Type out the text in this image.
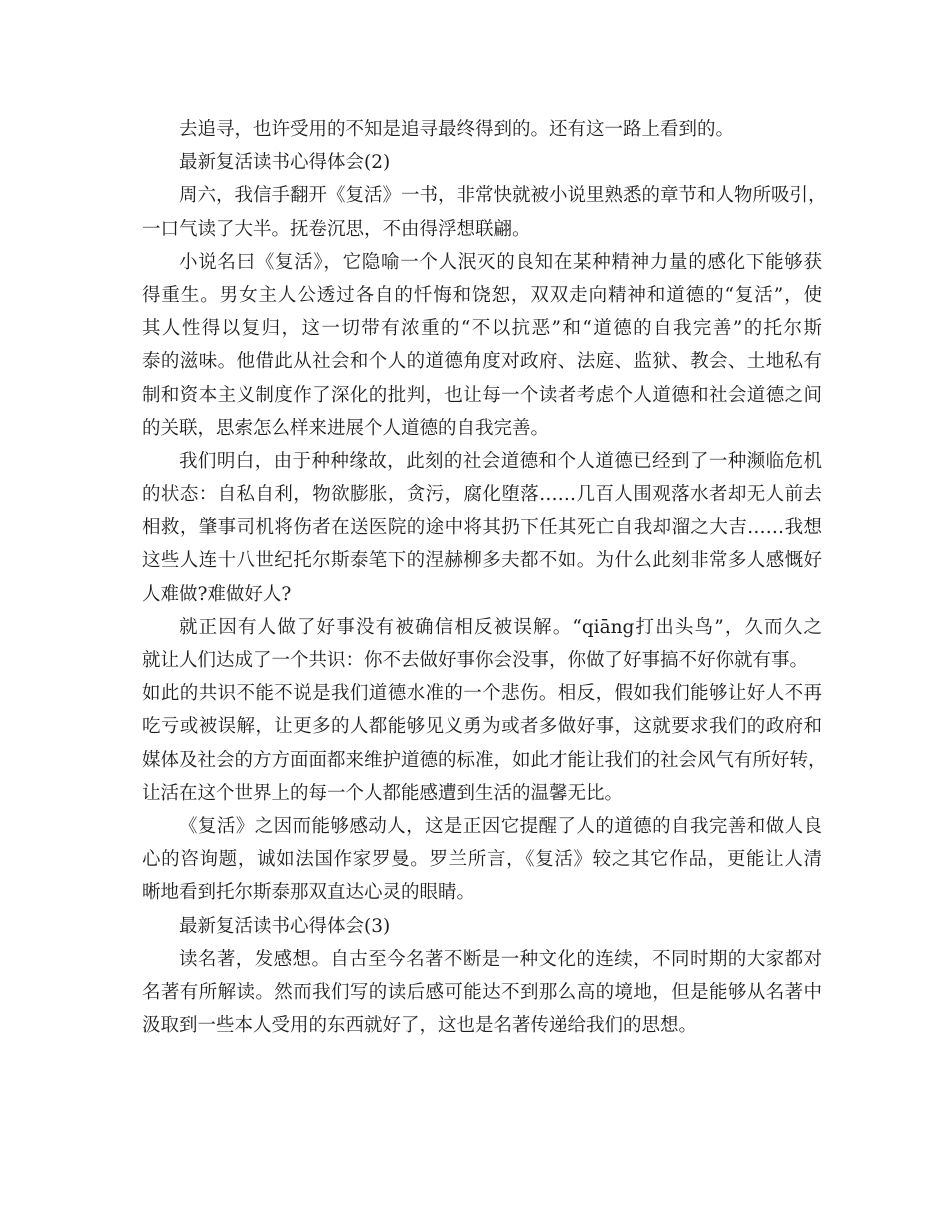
去追寻，也许受用的不知是追寻最终得到的。还有这一路上看到的。
最新复活读书心得体会(2)
周六，我信手翻开《复活》一书，非常快就被小说里熟悉的章节和人物所吸引，
一口气读了大半。抚卷沉思，不由得浮想联翩。
小说名曰《复活》，它隐喻一个人泯灭的良知在某种精神力量的感化下能够获
得重生。男女主人公透过各自的忏悔和饶恕，双双走向精神和道德的“复活”，使
其人性得以复归，这一切带有浓重的“不以抗恶”和“道德的自我完善”的托尔斯
泰的滋味。他借此从社会和个人的道德角度对政府、法庭、监狱、教会、土地私有
制和资本主义制度作了深化的批判，也让每一个读者考虑个人道德和社会道德之间
的关联，思索怎么样来进展个人道德的自我完善。
我们明白，由于种种缘故，此刻的社会道德和个人道德已经到了一种濒临危机
的状态：自私自利，物欲膨胀，贪污，腐化堕落……几百人围观落水者却无人前去
相救，肇事司机将伤者在送医院的途中将其扔下任其死亡自我却溜之大吉……我想
这些人连十八世纪托尔斯泰笔下的涅赫柳多夫都不如。为什么此刻非常多人感慨好
人难做?难做好人?
就正因有人做了好事没有被确信相反被误解。“qiāng打出头鸟”，久而久之
就让人们达成了一个共识：你不去做好事你会没事，你做了好事搞不好你就有事。
如此的共识不能不说是我们道德水准的一个悲伤。相反，假如我们能够让好人不再
吃亏或被误解，让更多的人都能够见义勇为或者多做好事，这就要求我们的政府和
媒体及社会的方方面面都来维护道德的标准，如此才能让我们的社会风气有所好转，
让活在这个世界上的每一个人都能感遭到生活的温馨无比。
《复活》之因而能够感动人，这是正因它提醒了人的道德的自我完善和做人良
心的咨询题，诚如法国作家罗曼。罗兰所言，《复活》较之其它作品，更能让人清
晰地看到托尔斯泰那双直达心灵的眼睛。
最新复活读书心得体会(3)
读名著，发感想。自古至今名著不断是一种文化的连续，不同时期的大家都对
名著有所解读。然而我们写的读后感可能达不到那么高的境地，但是能够从名著中
汲取到一些本人受用的东西就好了，这也是名著传递给我们的思想。
